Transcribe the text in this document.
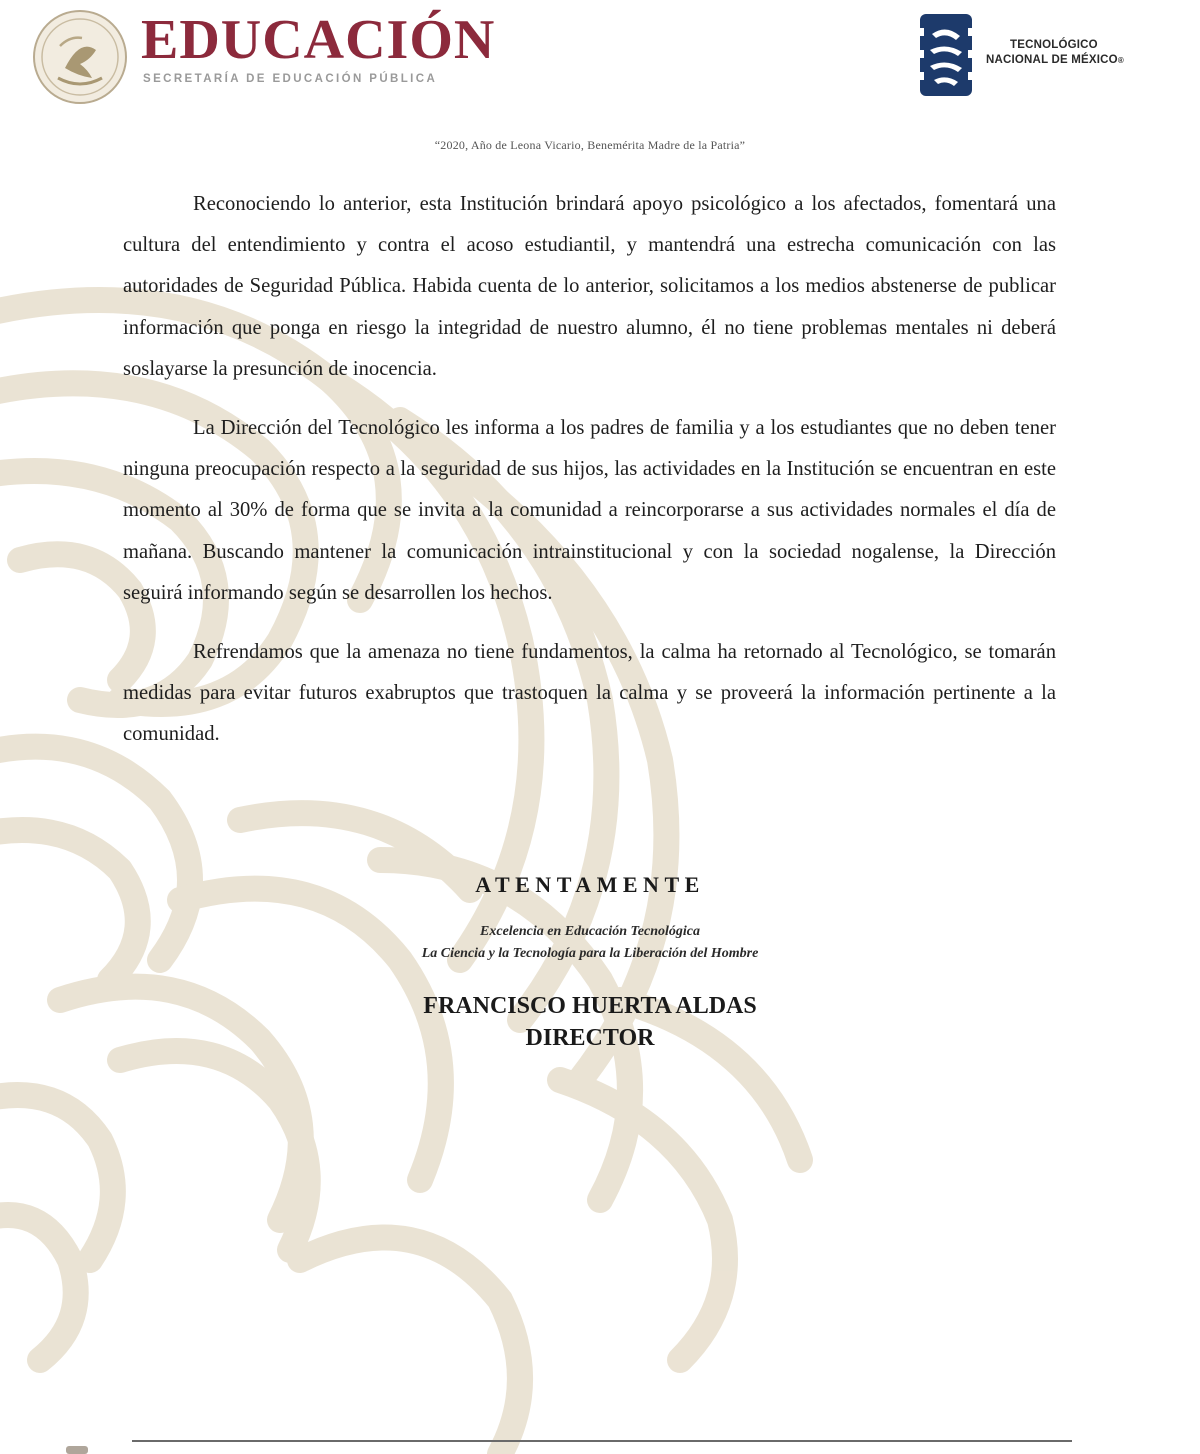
EDUCACIÓN
SECRETARÍA DE EDUCACIÓN PÚBLICA
TECNOLÓGICO
NACIONAL DE MÉXICO®
“2020, Año de Leona Vicario, Benemérita Madre de la Patria”

Reconociendo lo anterior, esta Institución brindará apoyo psicológico a los afectados, fomentará una cultura del entendimiento y contra el acoso estudiantil, y mantendrá una estrecha comunicación con las autoridades de Seguridad Pública. Habida cuenta de lo anterior, solicitamos a los medios abstenerse de publicar información que ponga en riesgo la integridad de nuestro alumno, él no tiene problemas mentales ni deberá soslayarse la presunción de inocencia.

La Dirección del Tecnológico les informa a los padres de familia y a los estudiantes que no deben tener ninguna preocupación respecto a la seguridad de sus hijos, las actividades en la Institución se encuentran en este momento al 30% de forma que se invita a la comunidad a reincorporarse a sus actividades normales el día de mañana. Buscando mantener la comunicación intrainstitucional y con la sociedad nogalense, la Dirección seguirá informando según se desarrollen los hechos.

Refrendamos que la amenaza no tiene fundamentos, la calma ha retornado al Tecnológico, se tomarán medidas para evitar futuros exabruptos que trastoquen la calma y se proveerá la información pertinente a la comunidad.

ATENTAMENTE
Excelencia en Educación Tecnológica
La Ciencia y la Tecnología para la Liberación del Hombre
FRANCISCO HUERTA ALDAS
DIRECTOR
